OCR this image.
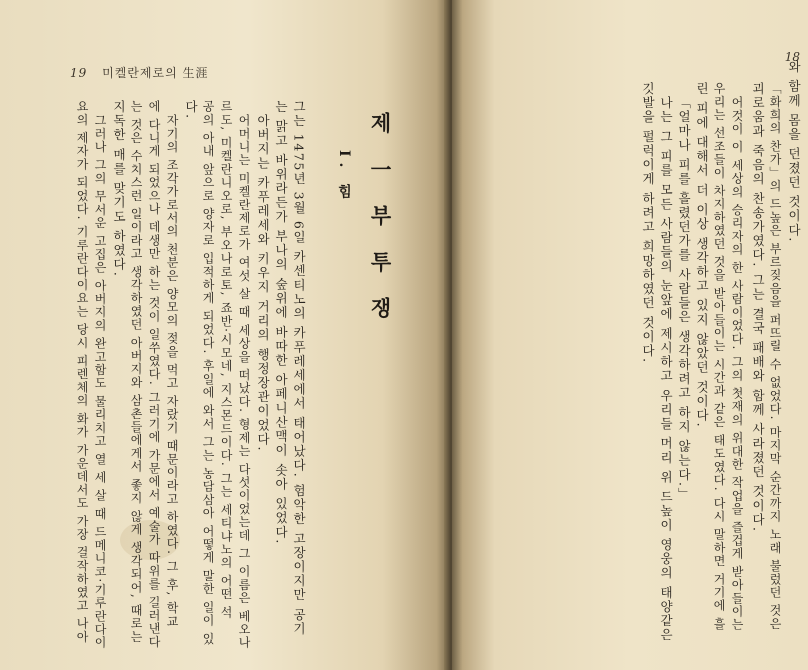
19 미켈란제로의 生涯
제 一 부 투 쟁
I. 힘
그는 1475년 3월 6일 카센티노의 카푸레세에서 태어났다. 험악한 고장이지만 공기
는 맑고 바위라든가 부나의 숲위에 바따한 아페니산맥이 솟아 있었다.
아버지는 카푸레세와 키우지 거리의 행정장관이었다.
어머니는 미켈란제로가 여섯 살 때 세상을 떠났다. 형제는 다섯이었는데 그 이름은 베오나
르도, 미켈란니오로, 부오나로토, 죠반·시모네, 지스몬드이다. 그는 세티냐노의 어떤 석
공의 아내 앞으로 양자로 입적하게 되었다. 후일에 와서 그는 농담삼아 어떻게 말한 일이 있
다.
자기의 조각가로서의 천분은 양모의 젖을 먹고 자랐기 때문이라고 하였다. 그 후, 학교
에 다니게 되었으나 데생만 하는 것이 일쑤였다. 그러기에 가문에서 예술가 따위를 길러낸다
는 것은 수치스런 일이라고 생각하였던 아버지와 삼촌들에게서 좋지 않게 생각되어, 때로는
지독한 매를 맞기도 하였다.
그러나 그의 무서운 고집은 아버지의 완고함도 물리치고 열 세 살 때 드메니코·기루란다이
요의 제자가 되었다. 기루란다이요는 당시 피렌체의 화가 가운데서도 가장 걸작하였고 나아
18
와 함께 몸을 던졌던 것이다.
「화희의 찬가」의 드높은 부르짖음을 퍼뜨릴 수 없었다. 마지막 순간까지 노래 불렀던 것은
괴로움과 죽음의 찬송가였다. 그는 결국 패배와 함께 사라졌던 것이다.
어것이 이 세상의 승리자의 한 사람이었다. 그의 첫재의 위대한 작업을 즐겁게 받아들이는
우리는 선조들이 차지하였던 것을 받아들이는 시간과 같은 태도였다. 다시 말하면 거기에 흘
린 피에 대해서 더 이상 생각하고 있지 않았던 것이다.
「얼마나 피를 흘렸던가를 사람들은 생각하려고 하지 않는다.」
나는 그 피를 모든 사람들의 눈앞에 제시하고 우리들 머리 위 드높이 영웅의 태양같은
깃발을 펄럭이게 하려고 희망하였던 것이다.
